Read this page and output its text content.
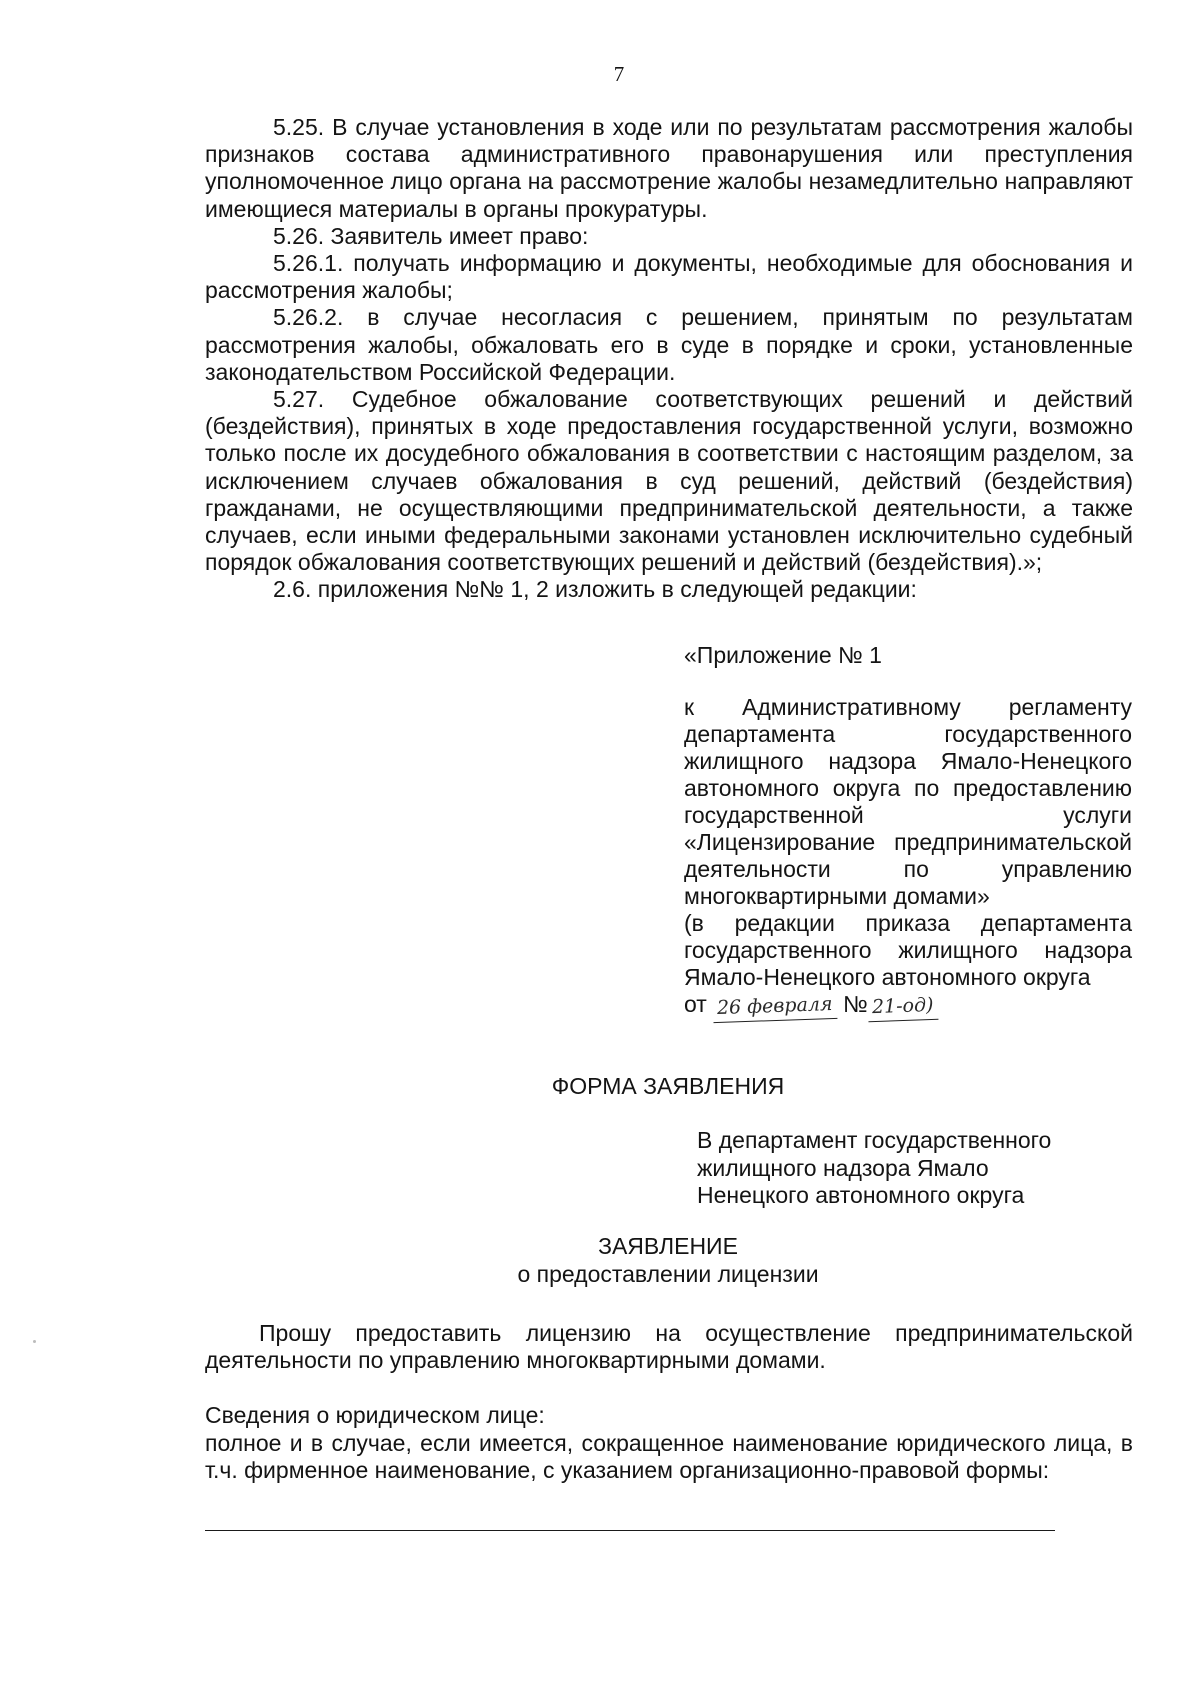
7

5.25. В случае установления в ходе или по результатам рассмотрения жалобы признаков состава административного правонарушения или преступления уполномоченное лицо органа на рассмотрение жалобы незамедлительно направляют имеющиеся материалы в органы прокуратуры.

5.26. Заявитель имеет право:

5.26.1. получать информацию и документы, необходимые для обоснования и рассмотрения жалобы;

5.26.2. в случае несогласия с решением, принятым по результатам рассмотрения жалобы, обжаловать его в суде в порядке и сроки, установленные законодательством Российской Федерации.

5.27. Судебное обжалование соответствующих решений и действий (бездействия), принятых в ходе предоставления государственной услуги, возможно только после их досудебного обжалования в соответствии с настоящим разделом, за исключением случаев обжалования в суд решений, действий (бездействия) гражданами, не осуществляющими предпринимательской деятельности, а также случаев, если иными федеральными законами установлен исключительно судебный порядок обжалования соответствующих решений и действий (бездействия).»;

2.6. приложения №№ 1, 2 изложить в следующей редакции:

«Приложение № 1

к Административному регламенту департамента государственного жилищного надзора Ямало-Ненецкого автономного округа по предоставлению государственной услуги «Лицензирование предпринимательской деятельности по управлению многоквартирными домами»

(в редакции приказа департамента государственного жилищного надзора Ямало-Ненецкого автономного округа

от 26 февраля № 21-од)

ФОРМА ЗАЯВЛЕНИЯ
В департамент государственного
жилищного надзора Ямало
Ненецкого автономного округа
ЗАЯВЛЕНИЕ
о предоставлении лицензии

Прошу предоставить лицензию на осуществление предпринимательской деятельности по управлению многоквартирными домами.

Сведения о юридическом лице:

полное и в случае, если имеется, сокращенное наименование юридического лица, в т.ч. фирменное наименование, с указанием организационно-правовой формы:
